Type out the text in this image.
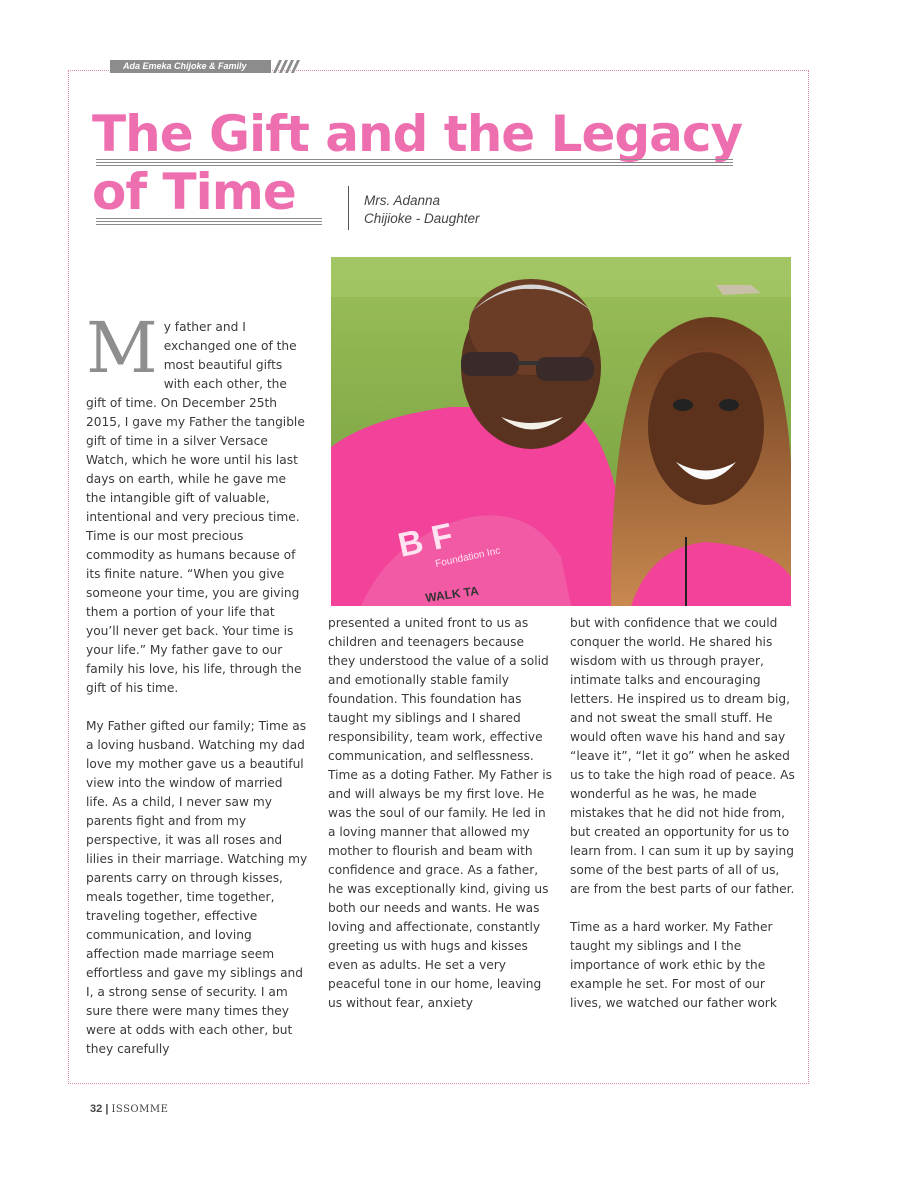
Ada Emeka Chijoke & Family
The Gift and the Legacy
of Time	Mrs. Adanna
Chijioke - Daughter
B F
Foundation Inc
WALK TA
M y father and I exchanged one of the most beautiful gifts with each other, the gift of time. On December 25th 2015, I gave my Father the tangible gift of time in a silver Versace Watch, which he wore until his last days on earth, while he gave me the intangible gift of valuable, intentional and very precious time. Time is our most precious commodity as humans because of its finite nature. “When you give someone your time, you are giving them a portion of your life that you’ll never get back. Your time is your life.” My father gave to our family his love, his life, through the gift of his time.

My Father gifted our family; Time as a loving husband. Watching my dad love my mother gave us a beautiful view into the window of married life. As a child, I never saw my parents fight and from my perspective, it was all roses and lilies in their marriage. Watching my parents carry on through kisses, meals together, time together, traveling together, effective communication, and loving affection made marriage seem effortless and gave my siblings and I, a strong sense of security. I am sure there were many times they were at odds with each other, but they carefully

presented a united front to us as children and teenagers because they understood the value of a solid and emotionally stable family foundation. This foundation has taught my siblings and I shared responsibility, team work, effective communication, and selflessness.

Time as a doting Father. My Father is and will always be my first love. He was the soul of our family. He led in a loving manner that allowed my mother to flourish and beam with confidence and grace. As a father, he was exceptionally kind, giving us both our needs and wants. He was loving and affectionate, constantly greeting us with hugs and kisses even as adults. He set a very peaceful tone in our home, leaving us without fear, anxiety

but with confidence that we could conquer the world. He shared his wisdom with us through prayer, intimate talks and encouraging letters. He inspired us to dream big, and not sweat the small stuff. He would often wave his hand and say “leave it”, “let it go” when he asked us to take the high road of peace. As wonderful as he was, he made mistakes that he did not hide from, but created an opportunity for us to learn from. I can sum it up by saying some of the best parts of all of us, are from the best parts of our father.

Time as a hard worker. My Father taught my siblings and I the importance of work ethic by the example he set. For most of our lives, we watched our father work

32 | ISSOMME
